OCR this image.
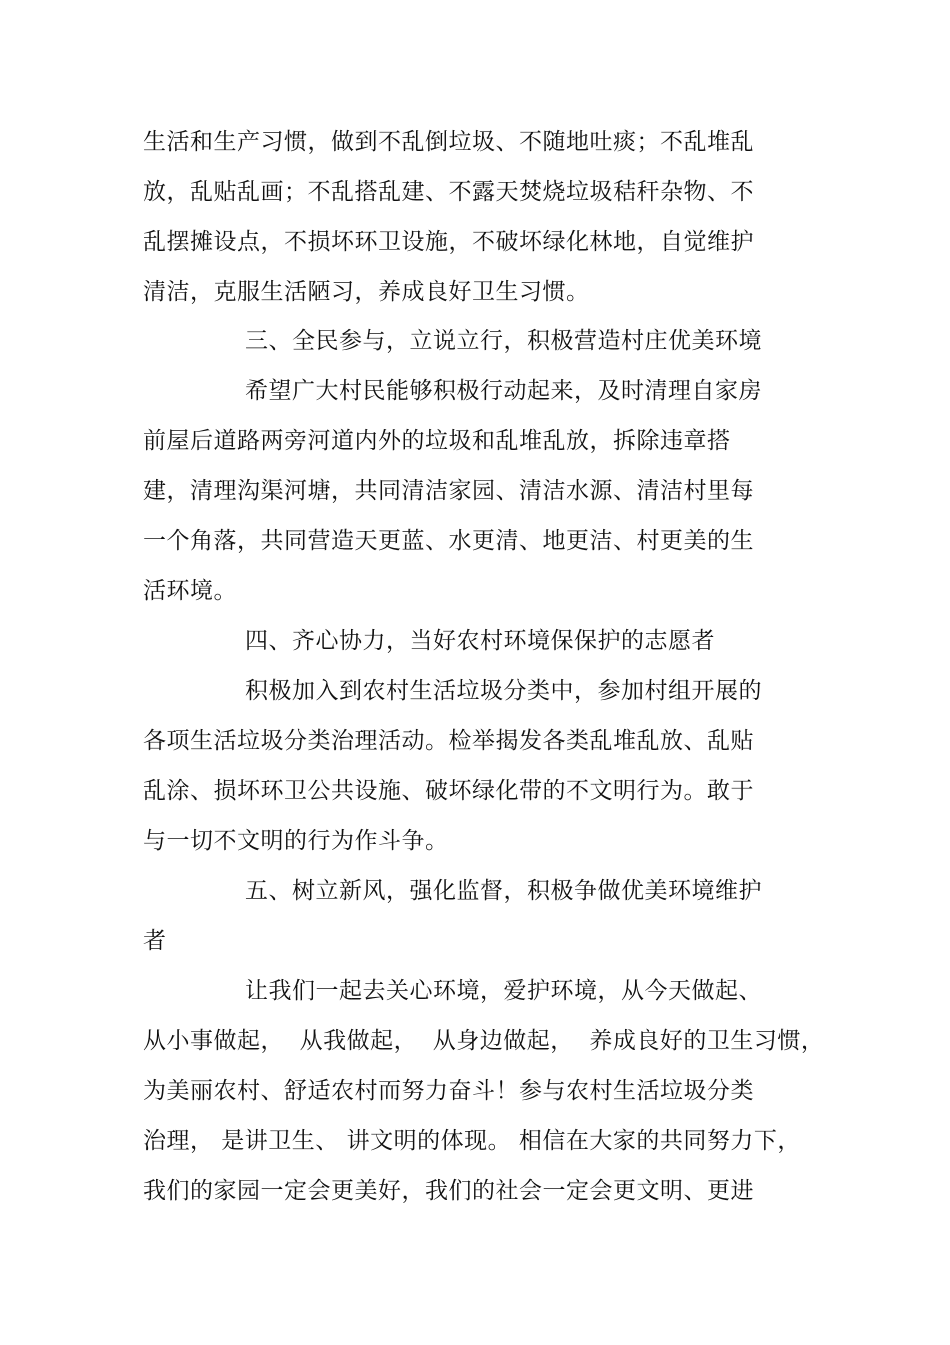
生活和生产习惯，做到不乱倒垃圾、不随地吐痰；不乱堆乱
放，乱贴乱画；不乱搭乱建、不露天焚烧垃圾秸秆杂物、不
乱摆摊设点，不损坏环卫设施，不破坏绿化林地，自觉维护
清洁，克服生活陋习，养成良好卫生习惯。
三、全民参与，立说立行，积极营造村庄优美环境
希望广大村民能够积极行动起来，及时清理自家房
前屋后道路两旁河道内外的垃圾和乱堆乱放，拆除违章搭
建，清理沟渠河塘，共同清洁家园、清洁水源、清洁村里每
一个角落，共同营造天更蓝、水更清、地更洁、村更美的生
活环境。
四、齐心协力，当好农村环境保保护的志愿者
积极加入到农村生活垃圾分类中，参加村组开展的
各项生活垃圾分类治理活动。检举揭发各类乱堆乱放、乱贴
乱涂、损坏环卫公共设施、破坏绿化带的不文明行为。敢于
与一切不文明的行为作斗争。
五、树立新风，强化监督，积极争做优美环境维护
者
让我们一起去关心环境，爱护环境，从今天做起、
从小事做起，  从我做起，  从身边做起，  养成良好的卫生习惯，
为美丽农村、舒适农村而努力奋斗！参与农村生活垃圾分类
治理， 是讲卫生、 讲文明的体现。 相信在大家的共同努力下，
我们的家园一定会更美好，我们的社会一定会更文明、更进
